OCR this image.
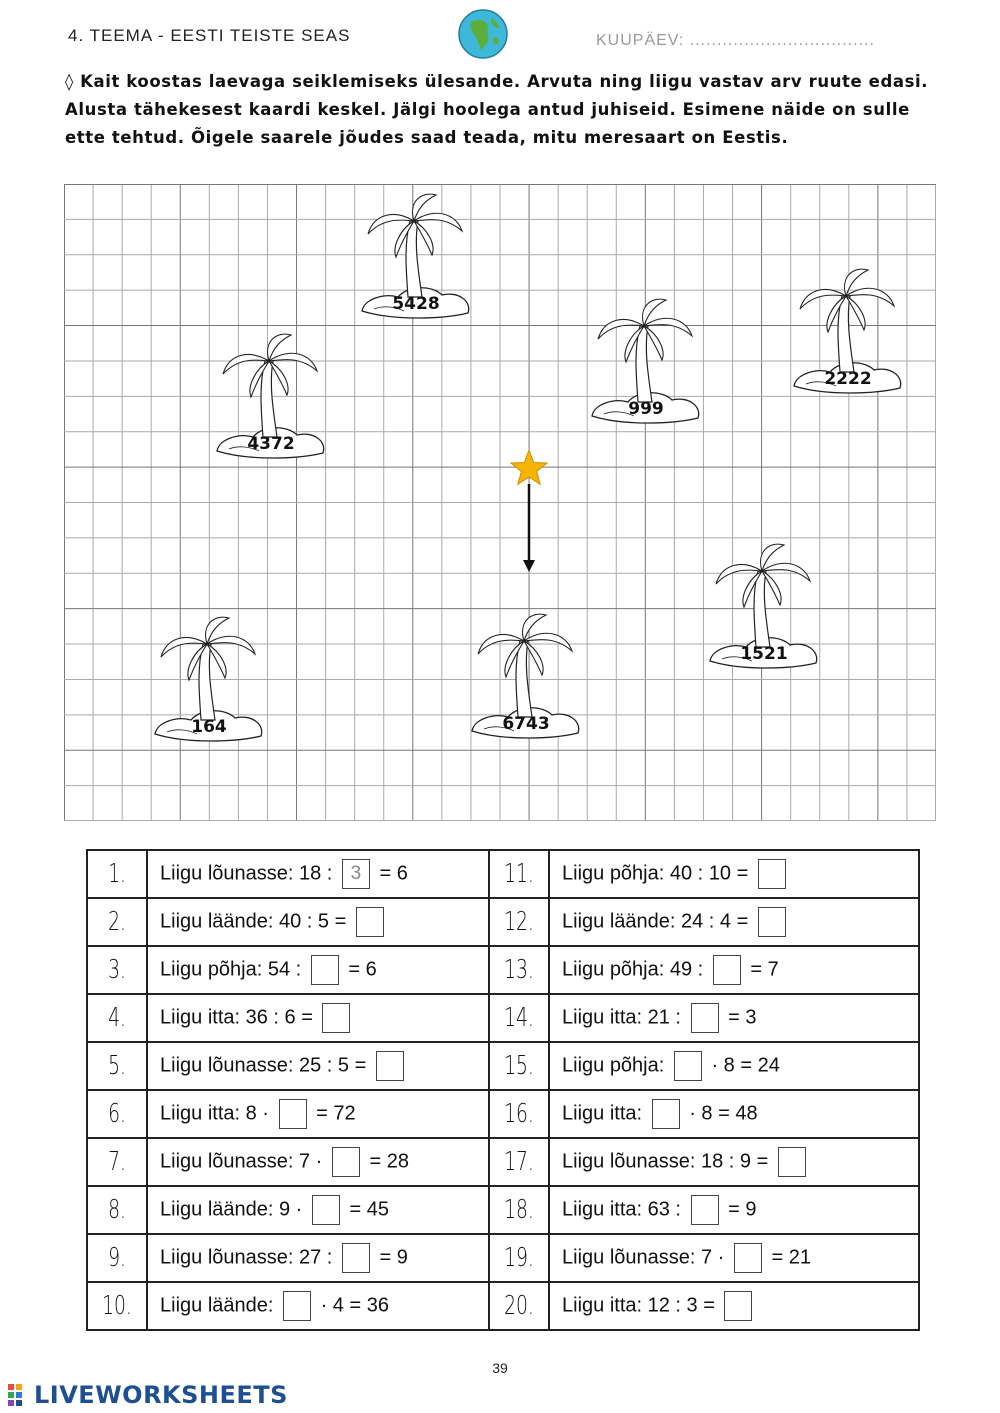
4. TEEMA - EESTI TEISTE SEAS	KUUPÄEV: ..................................
◊ Kait koostas laevaga seiklemiseks ülesande. Arvuta ning liigu vastav arv ruute edasi. Alusta tähekesest kaardi keskel. Jälgi hoolega antud juhiseid. Esimene näide on sulle ette tehtud. Õigele saarele jõudes saad teada, mitu meresaart on Eestis.
5428
4372
999
2222
1521
164	6743
1.	Liigu lõunasse: 18 : 3 = 6	11.	Liigu põhja: 40 : 10 =
2.	Liigu läände: 40 : 5 =	12.	Liigu läände: 24 : 4 =
3.	Liigu põhja: 54 : = 6	13.	Liigu põhja: 49 : = 7
4.	Liigu itta: 36 : 6 =	14.	Liigu itta: 21 : = 3
5.	Liigu lõunasse: 25 : 5 =	15.	Liigu põhja: · 8 = 24
6.	Liigu itta: 8 · = 72	16.	Liigu itta: · 8 = 48
7.	Liigu lõunasse: 7 · = 28	17.	Liigu lõunasse: 18 : 9 =
8.	Liigu läände: 9 · = 45	18.	Liigu itta: 63 : = 9
9.	Liigu lõunasse: 27 : = 9	19.	Liigu lõunasse: 7 · = 21
10.	Liigu läände: · 4 = 36	20.	Liigu itta: 12 : 3 =
39
LIVEWORKSHEETS
